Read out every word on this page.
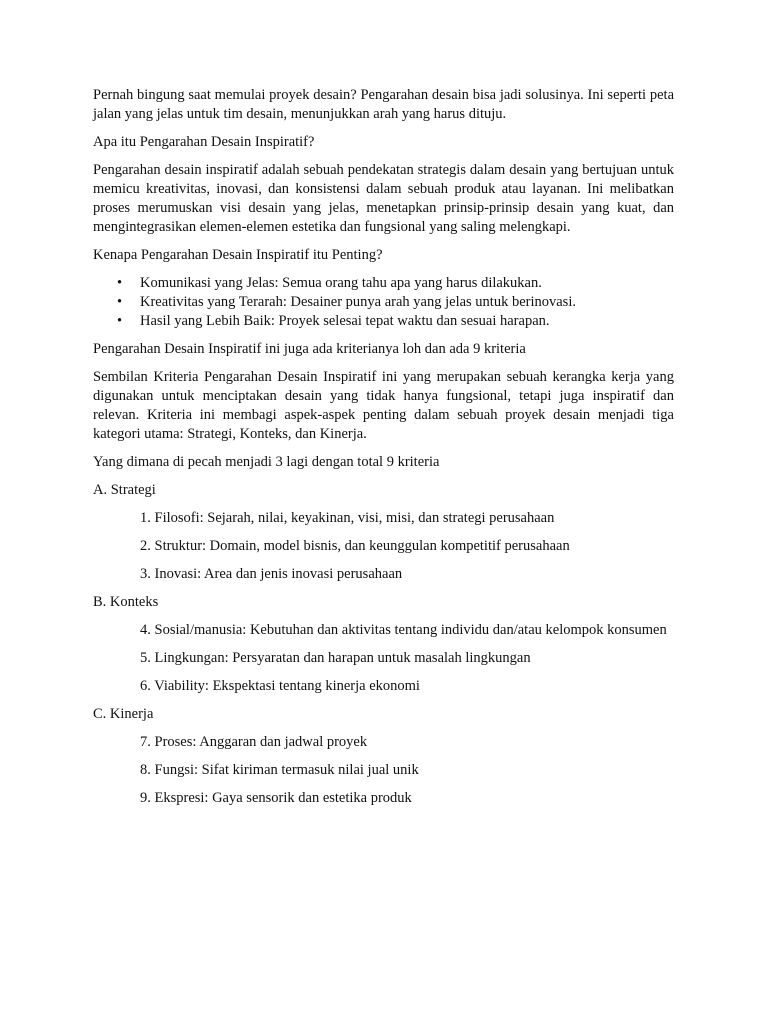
Pernah bingung saat memulai proyek desain? Pengarahan desain bisa jadi solusinya. Ini seperti peta jalan yang jelas untuk tim desain, menunjukkan arah yang harus dituju.

Apa itu Pengarahan Desain Inspiratif?

Pengarahan desain inspiratif adalah sebuah pendekatan strategis dalam desain yang bertujuan untuk memicu kreativitas, inovasi, dan konsistensi dalam sebuah produk atau layanan. Ini melibatkan proses merumuskan visi desain yang jelas, menetapkan prinsip-prinsip desain yang kuat, dan mengintegrasikan elemen-elemen estetika dan fungsional yang saling melengkapi.

Kenapa Pengarahan Desain Inspiratif itu Penting?

• Komunikasi yang Jelas: Semua orang tahu apa yang harus dilakukan.
• Kreativitas yang Terarah: Desainer punya arah yang jelas untuk berinovasi.
• Hasil yang Lebih Baik: Proyek selesai tepat waktu dan sesuai harapan.

Pengarahan Desain Inspiratif ini juga ada kriterianya loh dan ada 9 kriteria

Sembilan Kriteria Pengarahan Desain Inspiratif ini yang merupakan sebuah kerangka kerja yang digunakan untuk menciptakan desain yang tidak hanya fungsional, tetapi juga inspiratif dan relevan. Kriteria ini membagi aspek-aspek penting dalam sebuah proyek desain menjadi tiga kategori utama: Strategi, Konteks, dan Kinerja.

Yang dimana di pecah menjadi 3 lagi dengan total 9 kriteria

A. Strategi

1. Filosofi: Sejarah, nilai, keyakinan, visi, misi, dan strategi perusahaan

2. Struktur: Domain, model bisnis, dan keunggulan kompetitif perusahaan

3. Inovasi: Area dan jenis inovasi perusahaan

B. Konteks

4. Sosial/manusia: Kebutuhan dan aktivitas tentang individu dan/atau kelompok konsumen

5. Lingkungan: Persyaratan dan harapan untuk masalah lingkungan

6. Viability: Ekspektasi tentang kinerja ekonomi

C. Kinerja

7. Proses: Anggaran dan jadwal proyek

8. Fungsi: Sifat kiriman termasuk nilai jual unik

9. Ekspresi: Gaya sensorik dan estetika produk
